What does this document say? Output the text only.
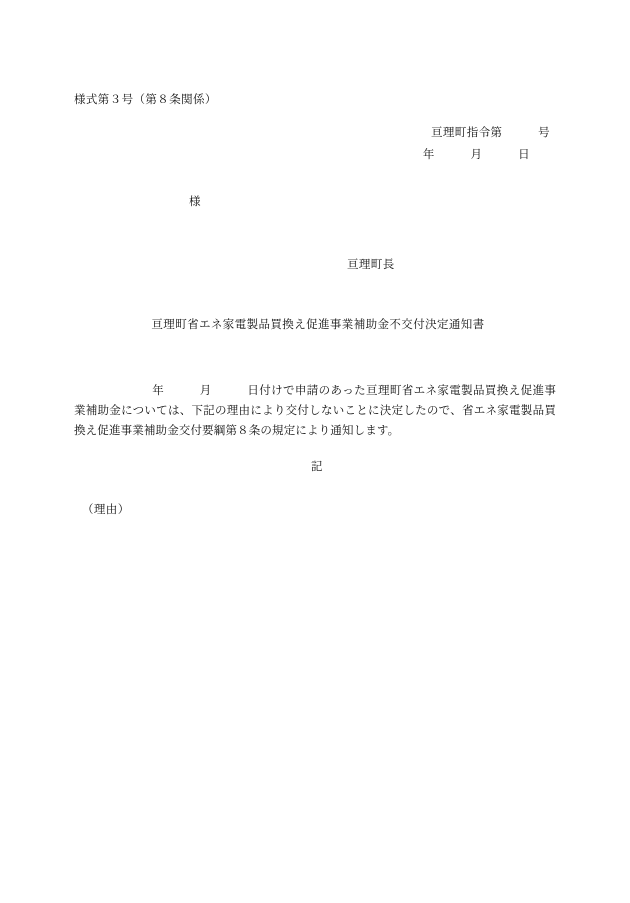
様式第３号（第８条関係）
亘理町指令第　　　号
年　　　月　　　日
様
亘理町長
亘理町省エネ家電製品買換え促進事業補助金不交付決定通知書
年　　　月　　　日付けで申請のあった亘理町省エネ家電製品買換え促進事業補助金については、下記の理由により交付しないことに決定したので、省エネ家電製品買換え促進事業補助金交付要綱第８条の規定により通知します。
記
（理由）
